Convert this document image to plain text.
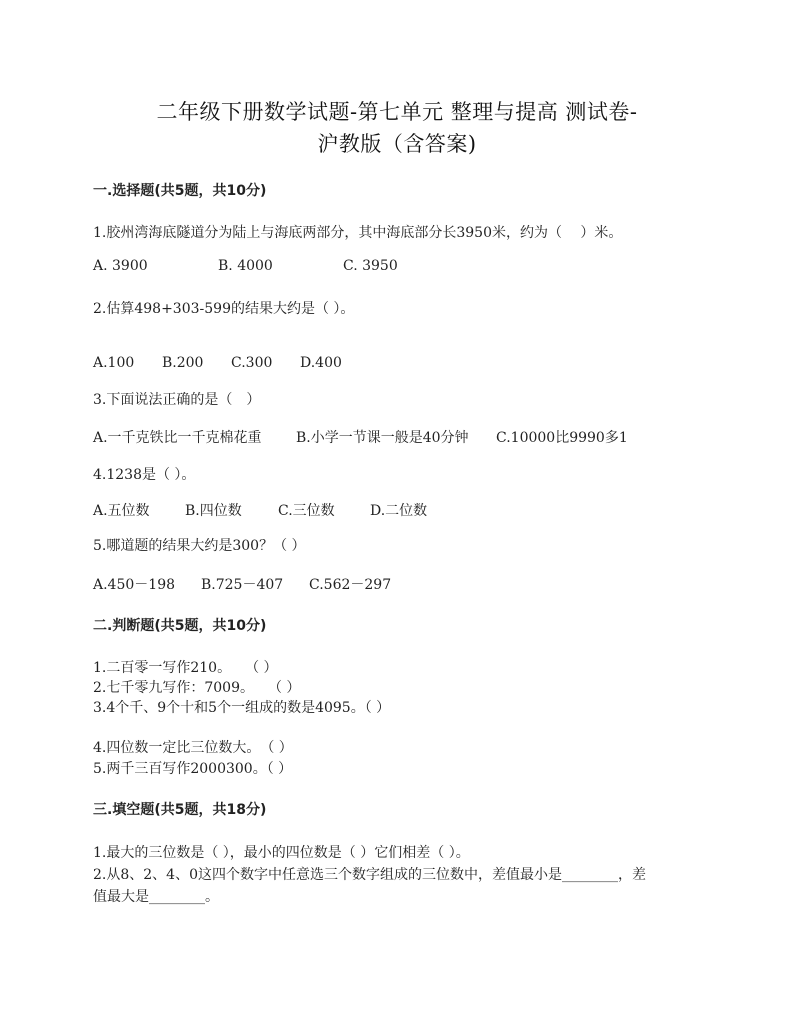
二年级下册数学试题-第七单元 整理与提高 测试卷-
沪教版（含答案)
一.选择题(共5题，共10分)
1.胶州湾海底隧道分为陆上与海底两部分，其中海底部分长3950米，约为（　 ）米。
A. 3900	B. 4000	C. 3950
2.估算498+303-599的结果大约是（ ）。
A.100 B.200 C.300 D.400
3.下面说法正确的是（　）
A.一千克铁比一千克棉花重 B.小学一节课一般是40分钟 C.10000比9990多1
4.1238是（ ）。
A.五位数	B.四位数	C.三位数	D.二位数
5.哪道题的结果大约是300？（ ）
A.450－198 B.725－407 C.562－297
二.判断题(共5题，共10分)
1.二百零一写作210。　　（ ）
2.七千零九写作：7009。　　（ ）
3.4个千、9个十和5个一组成的数是4095。（ ）
4.四位数一定比三位数大。　（ ）
5.两千三百写作2000300。（ ）
三.填空题(共5题，共18分)
1.最大的三位数是（ ），最小的四位数是（ ）它们相差（ ）。
2.从8、2、4、0这四个数字中任意选三个数字组成的三位数中，差值最小是________，差
值最大是________。
